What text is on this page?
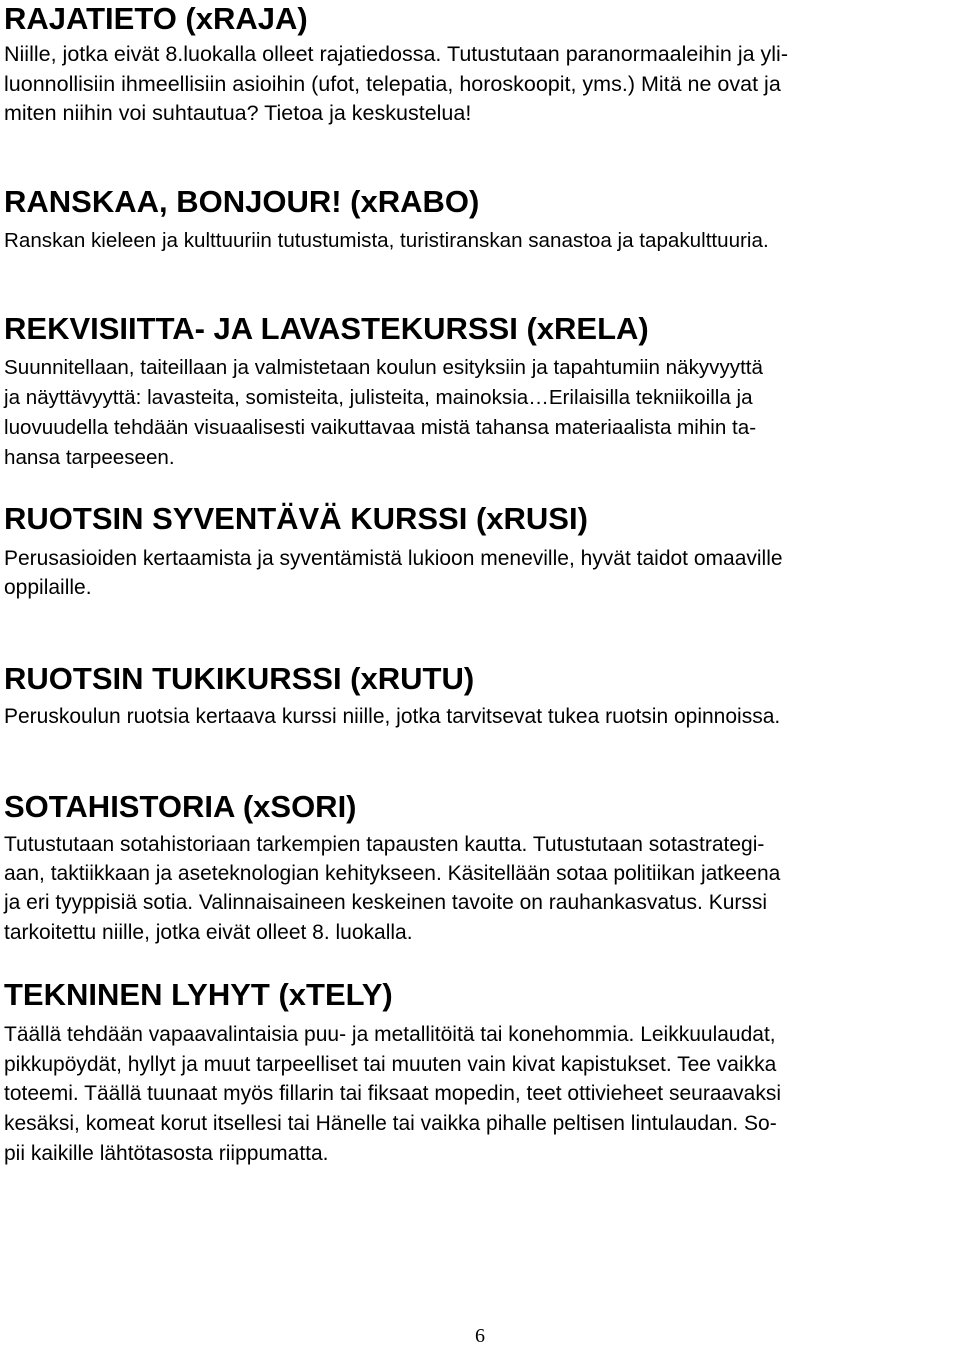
RAJATIETO (xRAJA)

Niille, jotka eivät 8.luokalla olleet rajatiedossa. Tutustutaan paranormaaleihin ja yli-
luonnollisiin ihmeellisiin asioihin (ufot, telepatia, horoskoopit, yms.) Mitä ne ovat ja
miten niihin voi suhtautua? Tietoa ja keskustelua!

RANSKAA, BONJOUR! (xRABO)

Ranskan kieleen ja kulttuuriin tutustumista, turistiranskan sanastoa ja tapakulttuuria.

REKVISIITTA- JA LAVASTEKURSSI (xRELA)

Suunnitellaan, taiteillaan ja valmistetaan koulun esityksiin ja tapahtumiin näkyvyyttä
ja näyttävyyttä: lavasteita, somisteita, julisteita, mainoksia…Erilaisilla tekniikoilla ja
luovuudella tehdään visuaalisesti vaikuttavaa mistä tahansa materiaalista mihin ta-
hansa tarpeeseen.

RUOTSIN SYVENTÄVÄ KURSSI (xRUSI)

Perusasioiden kertaamista ja syventämistä lukioon meneville, hyvät taidot omaaville
oppilaille.

RUOTSIN TUKIKURSSI (xRUTU)

Peruskoulun ruotsia kertaava kurssi niille, jotka tarvitsevat tukea ruotsin opinnoissa.

SOTAHISTORIA (xSORI)

Tutustutaan sotahistoriaan tarkempien tapausten kautta. Tutustutaan sotastrategi-
aan, taktiikkaan ja aseteknologian kehitykseen. Käsitellään sotaa politiikan jatkeena
ja eri tyyppisiä sotia. Valinnaisaineen keskeinen tavoite on rauhankasvatus. Kurssi
tarkoitettu niille, jotka eivät olleet 8. luokalla.

TEKNINEN LYHYT (xTELY)

Täällä tehdään vapaavalintaisia puu- ja metallitöitä tai konehommia. Leikkuulaudat,
pikkupöydät, hyllyt ja muut tarpeelliset tai muuten vain kivat kapistukset. Tee vaikka
toteemi. Täällä tuunaat myös fillarin tai fiksaat mopedin, teet ottivieheet seuraavaksi
kesäksi, komeat korut itsellesi tai Hänelle tai vaikka pihalle peltisen lintulaudan. So-
pii kaikille lähtötasosta riippumatta.

6
